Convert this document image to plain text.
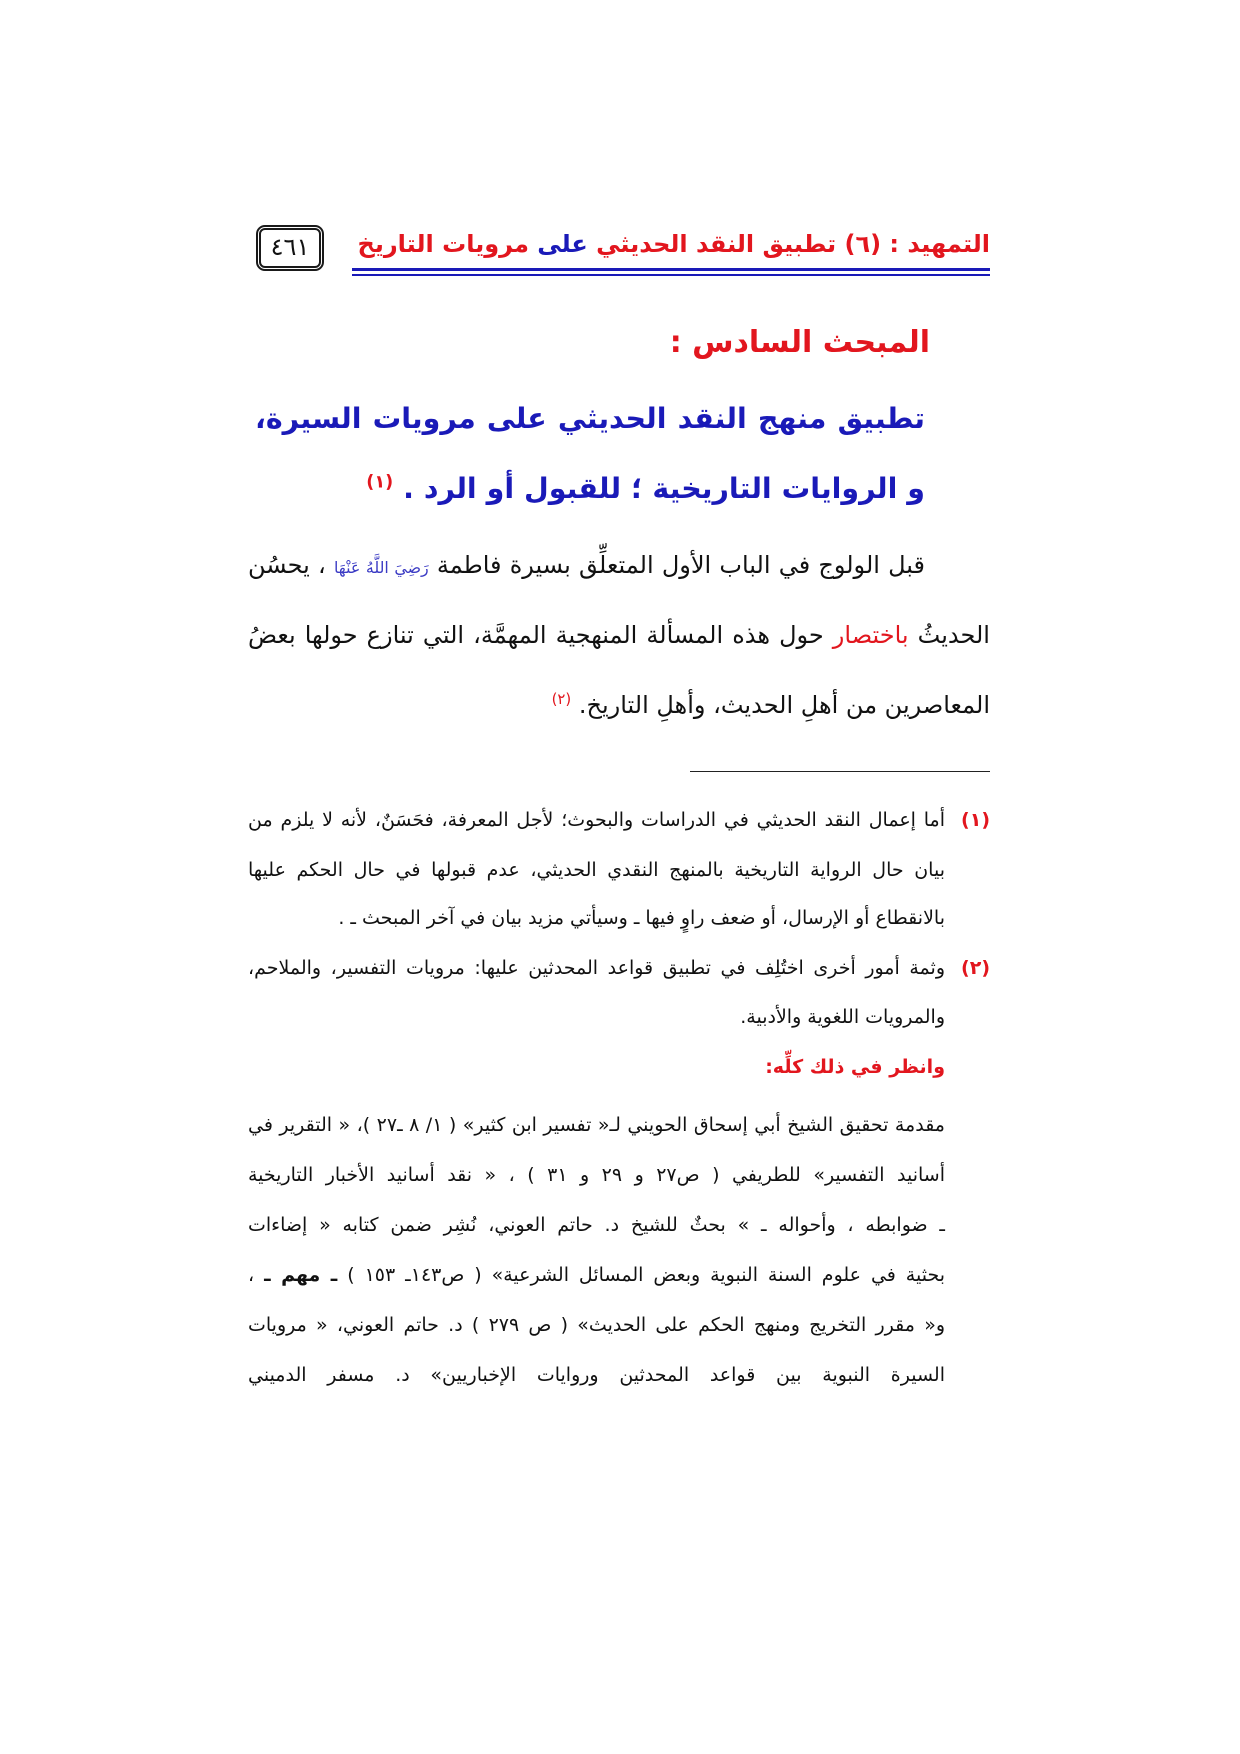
التمهيد : (٦) تطبيق النقد الحديثي على مرويات التاريخ
٤٦١
المبحث السادس :
تطبيق منهج النقد الحديثي على مرويات السيرة،
و الروايات التاريخية ؛ للقبول أو الرد . $^{(١)}$
قبل الولوج في الباب الأول المتعلِّق بسيرة فاطمة رَضِيَ اللَّهُ عَنْهَا ، يحسُن
الحديثُ باختصار حول هذه المسألة المنهجية المهمَّة، التي تنازع حولها بعضُ
المعاصرين من أهلِ الحديث، وأهلِ التاريخ. $^{(٢)}$
(١)
أما إعمال النقد الحديثي في الدراسات والبحوث؛ لأجل المعرفة، فحَسَنٌ، لأنه لا يلزم من
بيان حال الرواية التاريخية بالمنهج النقدي الحديثي، عدم قبولها في حال الحكم عليها
بالانقطاع أو الإرسال، أو ضعف راوٍ فيها ـ وسيأتي مزيد بيان في آخر المبحث ـ .
(٢)
وثمة أمور أخرى اختُلِف في تطبيق قواعد المحدثين عليها: مرويات التفسير، والملاحم،
والمرويات اللغوية والأدبية.
وانظر في ذلك كلِّه:
مقدمة تحقيق الشيخ أبي إسحاق الحويني لـ« تفسير ابن كثير» ( ١/ ٨ ـ٢٧ )، « التقرير في
أسانيد التفسير» للطريفي ( ص٢٧ و ٢٩ و ٣١ ) ، « نقد أسانيد الأخبار التاريخية
ـ ضوابطه ، وأحواله ـ » بحثٌ للشيخ د. حاتم العوني، نُشِر ضمن كتابه « إضاءات
بحثية في علوم السنة النبوية وبعض المسائل الشرعية» ( ص١٤٣ـ ١٥٣ ) ـ مهم ـ ،
و« مقرر التخريج ومنهج الحكم على الحديث» ( ص ٢٧٩ ) د. حاتم العوني، « مرويات
السيرة النبوية بين قواعد المحدثين وروايات الإخباريين» د. مسفر الدميني
